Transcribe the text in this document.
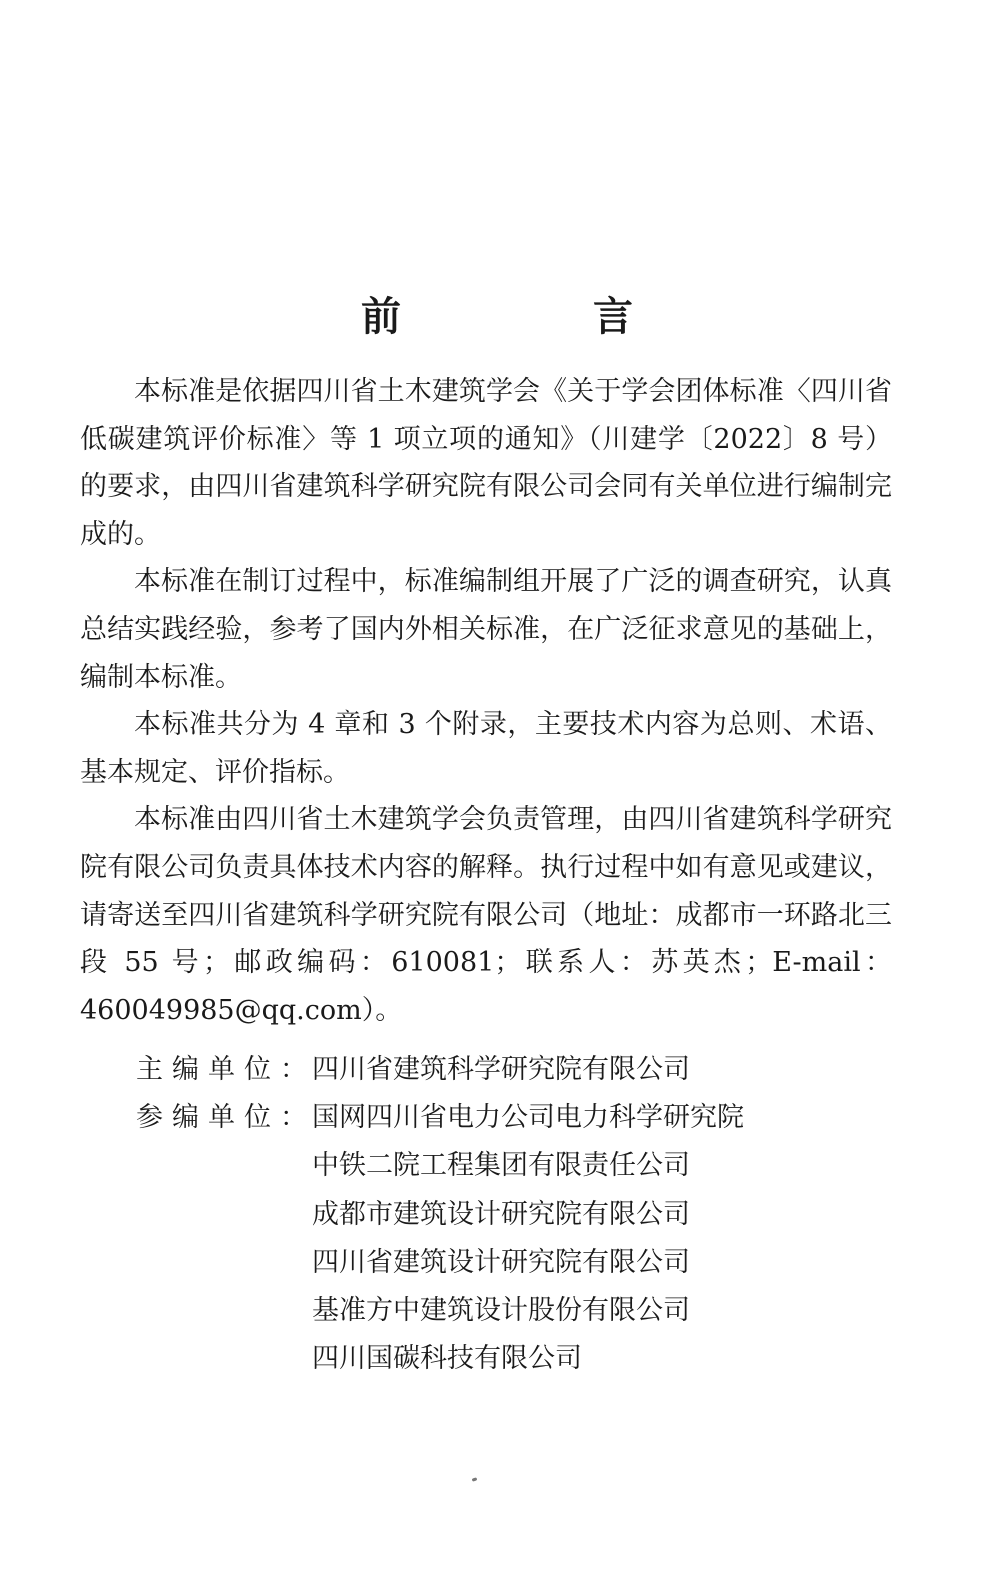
前　言

本标准是依据四川省土木建筑学会《关于学会团体标准〈四川省低碳建筑评价标准〉等 1 项立项的通知》（川建学〔2022〕8 号）的要求，由四川省建筑科学研究院有限公司会同有关单位进行编制完成的。

本标准在制订过程中，标准编制组开展了广泛的调查研究，认真总结实践经验，参考了国内外相关标准，在广泛征求意见的基础上，编制本标准。

本标准共分为 4 章和 3 个附录，主要技术内容为总则、术语、基本规定、评价指标。

本标准由四川省土木建筑学会负责管理，由四川省建筑科学研究院有限公司负责具体技术内容的解释。执行过程中如有意见或建议，请寄送至四川省建筑科学研究院有限公司（地址：成都市一环路北三段 55 号；邮政编码：610081；联系人：苏英杰；E-mail：460049985@qq.com）。

主编单位：
四川省建筑科学研究院有限公司
参编单位：
国网四川省电力公司电力科学研究院
中铁二院工程集团有限责任公司
成都市建筑设计研究院有限公司
四川省建筑设计研究院有限公司
基准方中建筑设计股份有限公司
四川国碳科技有限公司
